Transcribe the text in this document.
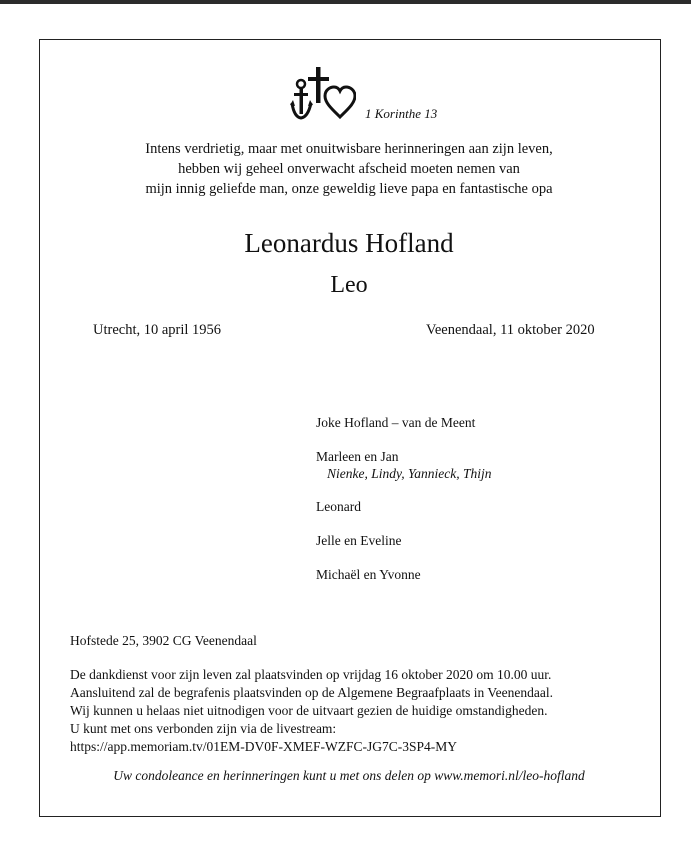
1 Korinthe 13
Intens verdrietig, maar met onuitwisbare herinneringen aan zijn leven,
hebben wij geheel onverwacht afscheid moeten nemen van
mijn innig geliefde man, onze geweldig lieve papa en fantastische opa
Leonardus Hofland
Leo
Utrecht, 10 april 1956	Veenendaal, 11 oktober 2020
Joke Hofland – van de Meent
Marleen en Jan
Nienke, Lindy, Yannieck, Thijn
Leonard
Jelle en Eveline
Michaël en Yvonne
Hofstede 25, 3902 CG Veenendaal
De dankdienst voor zijn leven zal plaatsvinden op vrijdag 16 oktober 2020 om 10.00 uur.
Aansluitend zal de begrafenis plaatsvinden op de Algemene Begraafplaats in Veenendaal.
Wij kunnen u helaas niet uitnodigen voor de uitvaart gezien de huidige omstandigheden.
U kunt met ons verbonden zijn via de livestream:
https://app.memoriam.tv/01EM-DV0F-XMEF-WZFC-JG7C-3SP4-MY
Uw condoleance en herinneringen kunt u met ons delen op www.memori.nl/leo-hofland
